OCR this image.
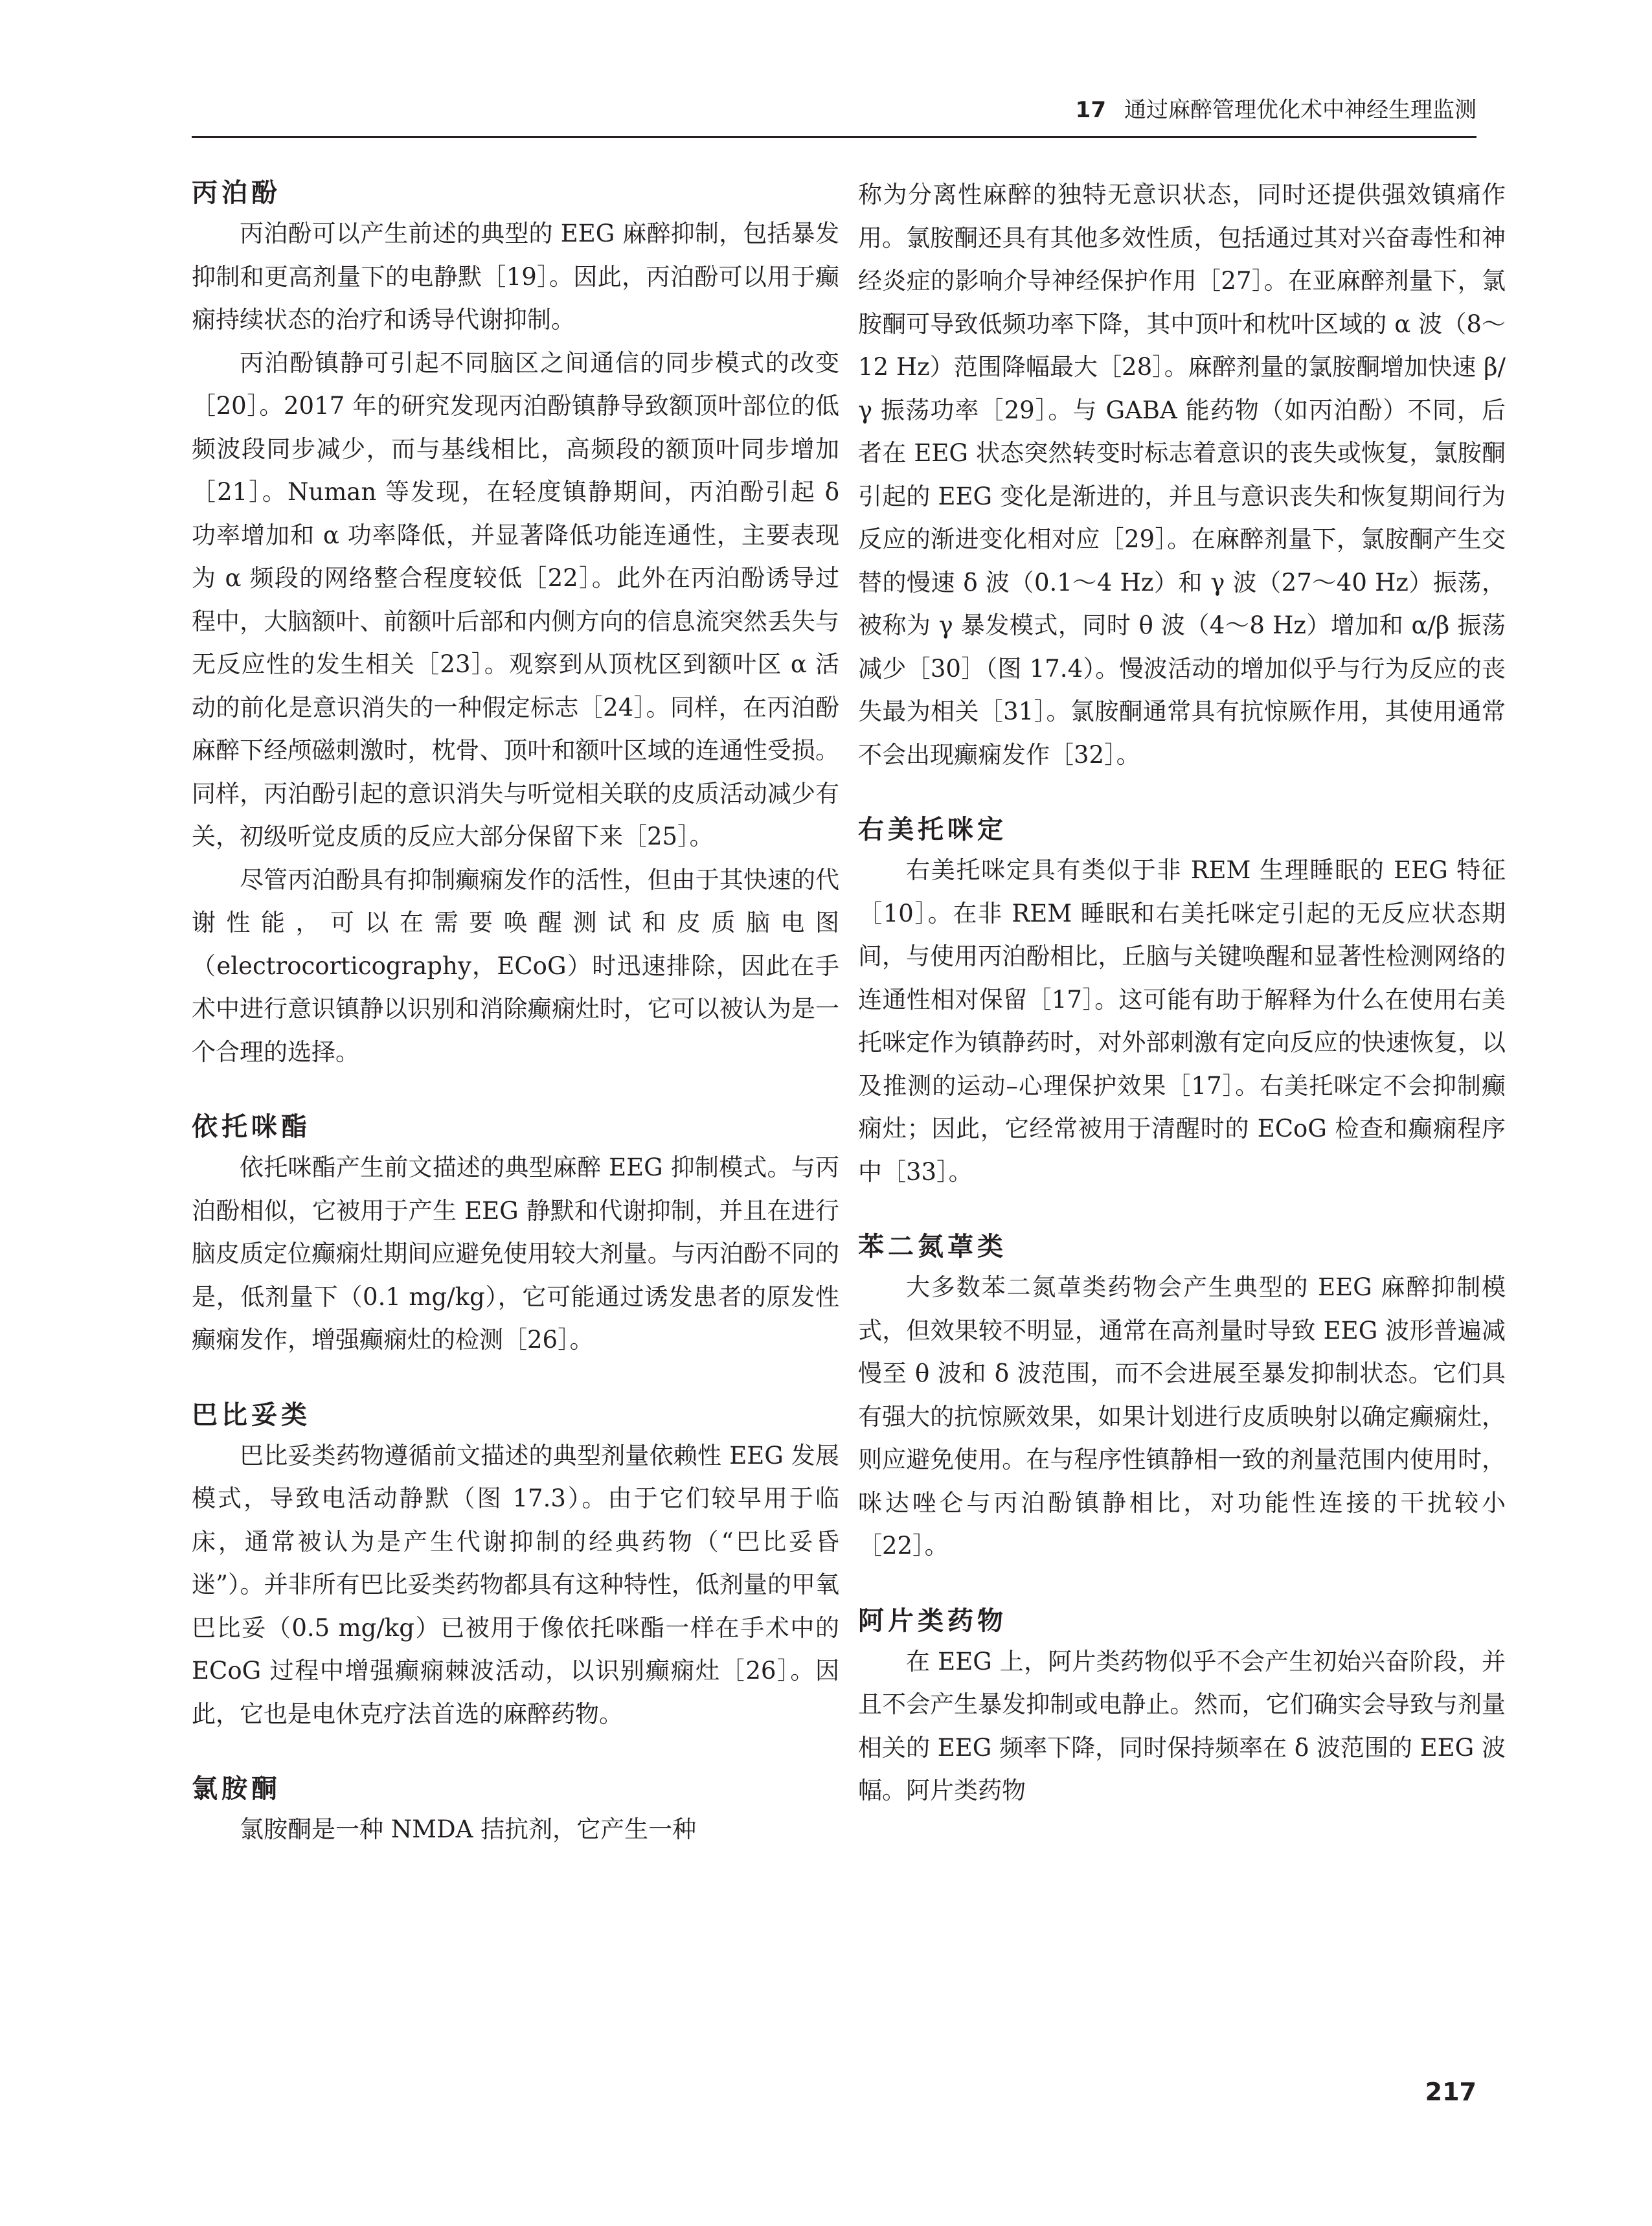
17 通过麻醉管理优化术中神经生理监测
丙泊酚

丙泊酚可以产生前述的典型的 EEG 麻醉抑制，包括暴发抑制和更高剂量下的电静默［19］。因此，丙泊酚可以用于癫痫持续状态的治疗和诱导代谢抑制。

丙泊酚镇静可引起不同脑区之间通信的同步模式的改变［20］。2017 年的研究发现丙泊酚镇静导致额顶叶部位的低频波段同步减少，而与基线相比，高频段的额顶叶同步增加［21］。Numan 等发现，在轻度镇静期间，丙泊酚引起 δ 功率增加和 α 功率降低，并显著降低功能连通性，主要表现为 α 频段的网络整合程度较低［22］。此外在丙泊酚诱导过程中，大脑额叶、前额叶后部和内侧方向的信息流突然丢失与无反应性的发生相关［23］。观察到从顶枕区到额叶区 α 活动的前化是意识消失的一种假定标志［24］。同样，在丙泊酚麻醉下经颅磁刺激时，枕骨、顶叶和额叶区域的连通性受损。同样，丙泊酚引起的意识消失与听觉相关联的皮质活动减少有关，初级听觉皮质的反应大部分保留下来［25］。

尽管丙泊酚具有抑制癫痫发作的活性，但由于其快速的代谢性能，可以在需要唤醒测试和皮质脑电图（electrocorticography，ECoG）时迅速排除，因此在手术中进行意识镇静以识别和消除癫痫灶时，它可以被认为是一个合理的选择。

依托咪酯

依托咪酯产生前文描述的典型麻醉 EEG 抑制模式。与丙泊酚相似，它被用于产生 EEG 静默和代谢抑制，并且在进行脑皮质定位癫痫灶期间应避免使用较大剂量。与丙泊酚不同的是，低剂量下（0.1 mg/kg），它可能通过诱发患者的原发性癫痫发作，增强癫痫灶的检测［26］。

巴比妥类

巴比妥类药物遵循前文描述的典型剂量依赖性 EEG 发展模式，导致电活动静默（图 17.3）。由于它们较早用于临床，通常被认为是产生代谢抑制的经典药物（“巴比妥昏迷”）。并非所有巴比妥类药物都具有这种特性，低剂量的甲氧巴比妥（0.5 mg/kg）已被用于像依托咪酯一样在手术中的 ECoG 过程中增强癫痫棘波活动，以识别癫痫灶［26］。因此，它也是电休克疗法首选的麻醉药物。

氯胺酮

氯胺酮是一种 NMDA 拮抗剂，它产生一种

称为分离性麻醉的独特无意识状态，同时还提供强效镇痛作用。氯胺酮还具有其他多效性质，包括通过其对兴奋毒性和神经炎症的影响介导神经保护作用［27］。在亚麻醉剂量下，氯胺酮可导致低频功率下降，其中顶叶和枕叶区域的 α 波（8～12 Hz）范围降幅最大［28］。麻醉剂量的氯胺酮增加快速 β/γ 振荡功率［29］。与 GABA 能药物（如丙泊酚）不同，后者在 EEG 状态突然转变时标志着意识的丧失或恢复，氯胺酮引起的 EEG 变化是渐进的，并且与意识丧失和恢复期间行为反应的渐进变化相对应［29］。在麻醉剂量下，氯胺酮产生交替的慢速 δ 波（0.1～4 Hz）和 γ 波（27～40 Hz）振荡，被称为 γ 暴发模式，同时 θ 波（4～8 Hz）增加和 α/β 振荡减少［30］（图 17.4）。慢波活动的增加似乎与行为反应的丧失最为相关［31］。氯胺酮通常具有抗惊厥作用，其使用通常不会出现癫痫发作［32］。

右美托咪定

右美托咪定具有类似于非 REM 生理睡眠的 EEG 特征［10］。在非 REM 睡眠和右美托咪定引起的无反应状态期间，与使用丙泊酚相比，丘脑与关键唤醒和显著性检测网络的连通性相对保留［17］。这可能有助于解释为什么在使用右美托咪定作为镇静药时，对外部刺激有定向反应的快速恢复，以及推测的运动–心理保护效果［17］。右美托咪定不会抑制癫痫灶；因此，它经常被用于清醒时的 ECoG 检查和癫痫程序中［33］。

苯二氮䓬类

大多数苯二氮䓬类药物会产生典型的 EEG 麻醉抑制模式，但效果较不明显，通常在高剂量时导致 EEG 波形普遍减慢至 θ 波和 δ 波范围，而不会进展至暴发抑制状态。它们具有强大的抗惊厥效果，如果计划进行皮质映射以确定癫痫灶，则应避免使用。在与程序性镇静相一致的剂量范围内使用时，咪达唑仑与丙泊酚镇静相比，对功能性连接的干扰较小［22］。

阿片类药物

在 EEG 上，阿片类药物似乎不会产生初始兴奋阶段，并且不会产生暴发抑制或电静止。然而，它们确实会导致与剂量相关的 EEG 频率下降，同时保持频率在 δ 波范围的 EEG 波幅。阿片类药物

217
